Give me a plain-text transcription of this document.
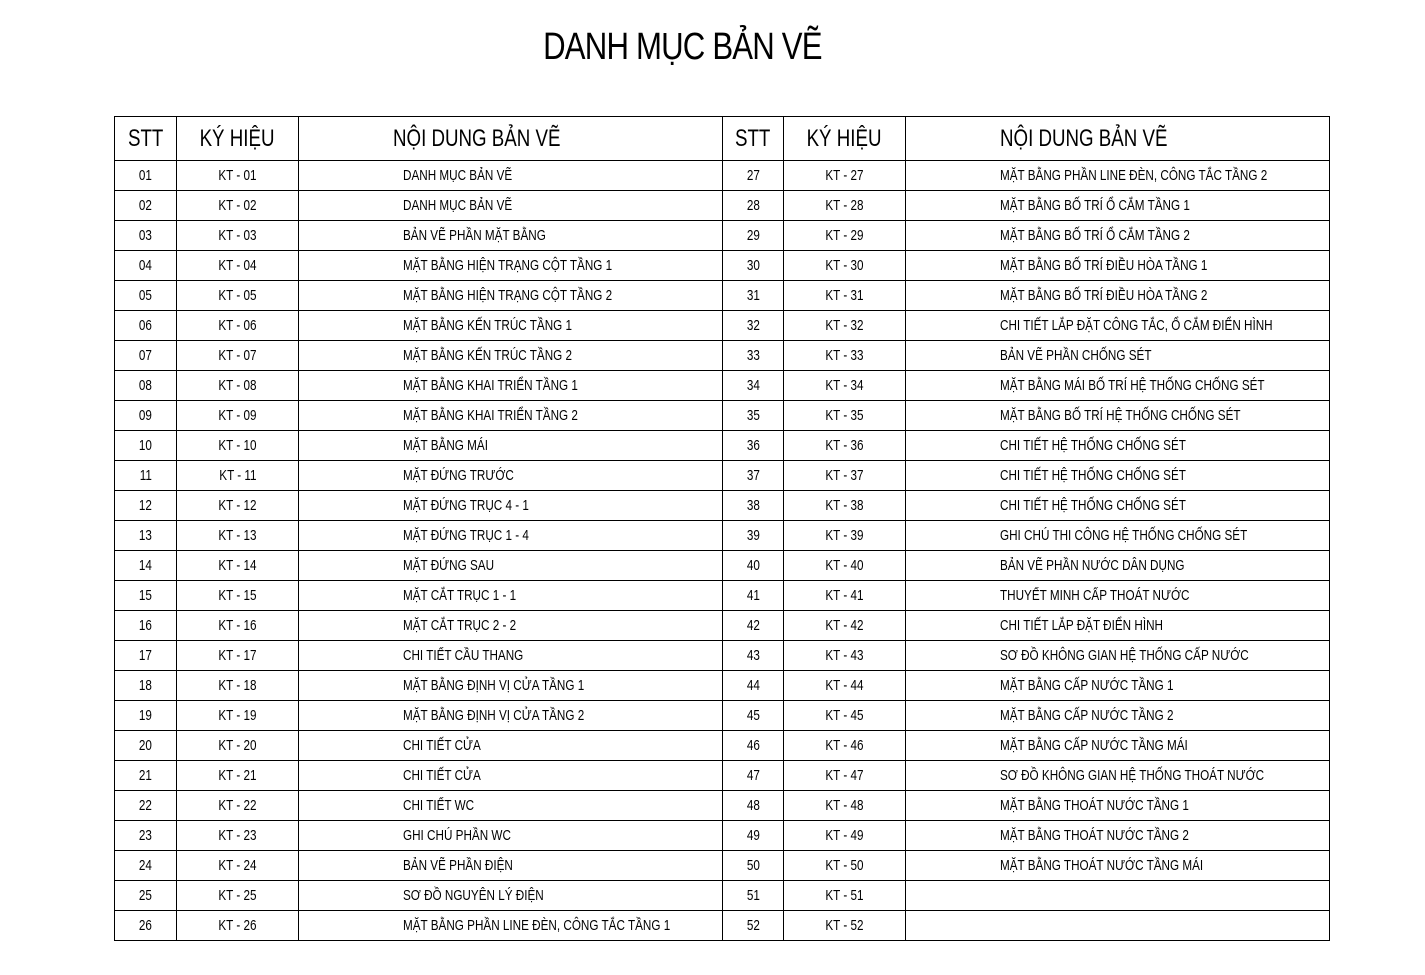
DANH MỤC BẢN VẼ
STT	KÝ HIỆU	NỘI DUNG BẢN VẼ	STT	KÝ HIỆU	NỘI DUNG BẢN VẼ
01	KT - 01	DANH MỤC BẢN VẼ	27	KT - 27	MẶT BẰNG PHẦN LINE ĐÈN, CÔNG TẮC TẦNG 2
02	KT - 02	DANH MỤC BẢN VẼ	28	KT - 28	MẶT BẰNG BỐ TRÍ Ổ CẮM TẦNG 1
03	KT - 03	BẢN VẼ PHẦN MẶT BẰNG	29	KT - 29	MẶT BẰNG BỐ TRÍ Ổ CẮM TẦNG 2
04	KT - 04	MẶT BẰNG HIỆN TRẠNG CỘT TẦNG 1	30	KT - 30	MẶT BẰNG BỐ TRÍ ĐIỀU HÒA TẦNG 1
05	KT - 05	MẶT BẰNG HIỆN TRẠNG CỘT TẦNG 2	31	KT - 31	MẶT BẰNG BỐ TRÍ ĐIỀU HÒA TẦNG 2
06	KT - 06	MẶT BẰNG KẾN TRÚC TẦNG 1	32	KT - 32	CHI TIẾT LẮP ĐẶT CÔNG TẮC, Ổ CẮM ĐIỂN HÌNH
07	KT - 07	MẶT BẰNG KẾN TRÚC TẦNG 2	33	KT - 33	BẢN VẼ PHẦN CHỐNG SÉT
08	KT - 08	MẶT BẰNG KHAI TRIỂN TẦNG 1	34	KT - 34	MẶT BẰNG MÁI BỐ TRÍ HỆ THỐNG CHỐNG SÉT
09	KT - 09	MẶT BẰNG KHAI TRIỂN TẦNG 2	35	KT - 35	MẶT BẰNG BỐ TRÍ HỆ THỐNG CHỐNG SÉT
10	KT - 10	MẶT BẰNG MÁI	36	KT - 36	CHI TIẾT HỆ THỐNG CHỐNG SÉT
11	KT - 11	MẶT ĐỨNG TRƯỚC	37	KT - 37	CHI TIẾT HỆ THỐNG CHỐNG SÉT
12	KT - 12	MẶT ĐỨNG TRỤC 4 - 1	38	KT - 38	CHI TIẾT HỆ THỐNG CHỐNG SÉT
13	KT - 13	MẶT ĐỨNG TRỤC 1 - 4	39	KT - 39	GHI CHÚ THI CÔNG HỆ THỐNG CHỐNG SÉT
14	KT - 14	MẶT ĐỨNG SAU	40	KT - 40	BẢN VẼ PHẦN NƯỚC DÂN DỤNG
15	KT - 15	MẶT CẮT TRỤC 1 - 1	41	KT - 41	THUYẾT MINH CẤP THOÁT NƯỚC
16	KT - 16	MẶT CẮT TRỤC 2 - 2	42	KT - 42	CHI TIẾT LẮP ĐẶT ĐIỂN HÌNH
17	KT - 17	CHI TIẾT CẦU THANG	43	KT - 43	SƠ ĐỒ KHÔNG GIAN HỆ THỐNG CẤP NƯỚC
18	KT - 18	MẶT BẰNG ĐỊNH VỊ CỬA TẦNG 1	44	KT - 44	MẶT BẰNG CẤP NƯỚC TẦNG 1
19	KT - 19	MẶT BẰNG ĐỊNH VỊ CỬA TẦNG 2	45	KT - 45	MẶT BẰNG CẤP NƯỚC TẦNG 2
20	KT - 20	CHI TIẾT CỬA	46	KT - 46	MẶT BẰNG CẤP NƯỚC TẦNG MÁI
21	KT - 21	CHI TIẾT CỬA	47	KT - 47	SƠ ĐỒ KHÔNG GIAN HỆ THỐNG THOÁT NƯỚC
22	KT - 22	CHI TIẾT WC	48	KT - 48	MẶT BẰNG THOÁT NƯỚC TẦNG 1
23	KT - 23	GHI CHÚ PHẦN WC	49	KT - 49	MẶT BẰNG THOÁT NƯỚC TẦNG 2
24	KT - 24	BẢN VẼ PHẦN ĐIỆN	50	KT - 50	MẶT BẰNG THOÁT NƯỚC TẦNG MÁI
25	KT - 25	SƠ ĐỒ NGUYÊN LÝ ĐIỆN	51	KT - 51	
26	KT - 26	MẶT BẰNG PHẦN LINE ĐÈN, CÔNG TẮC TẦNG 1	52	KT - 52	
